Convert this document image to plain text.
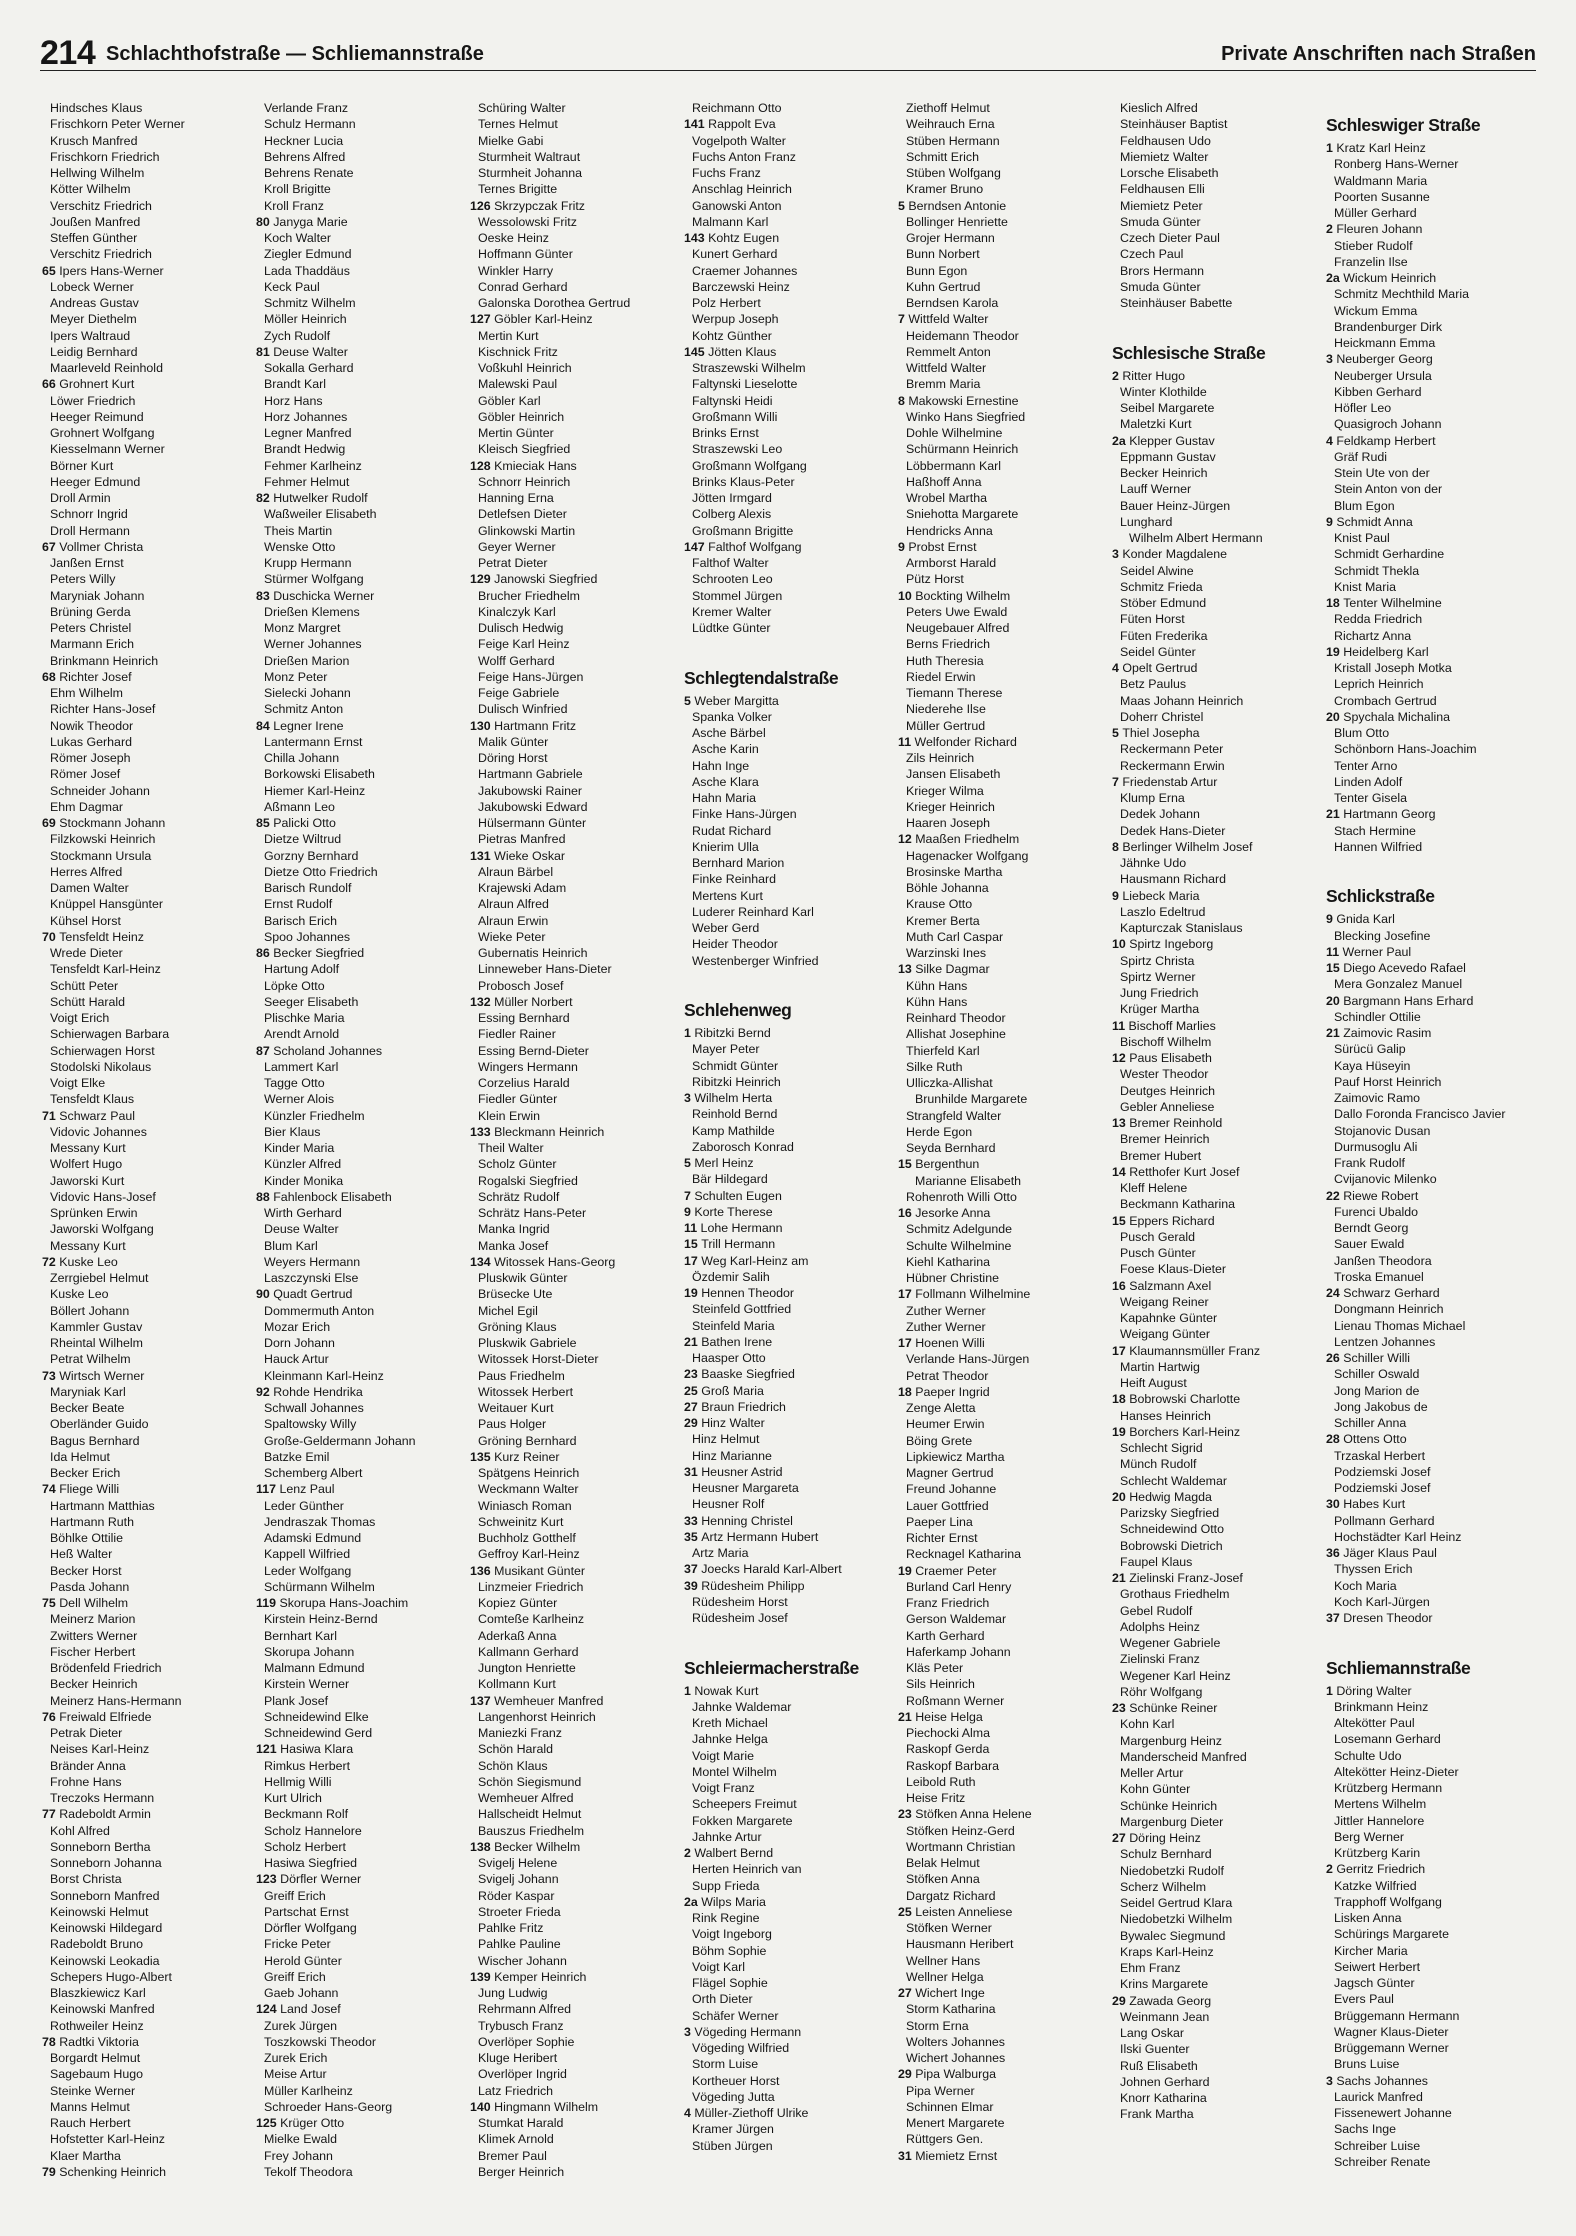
214 Schlachthofstraße — Schliemannstraße	Private Anschriften nach Straßen
Hindsches Klaus
Frischkorn Peter Werner
Krusch Manfred
Frischkorn Friedrich
Hellwing Wilhelm
Kötter Wilhelm
Verschitz Friedrich
Joußen Manfred
Steffen Günther
Verschitz Friedrich
65 Ipers Hans-Werner
Lobeck Werner
Andreas Gustav
Meyer Diethelm
Ipers Waltraud
Leidig Bernhard
Maarleveld Reinhold
66 Grohnert Kurt
Löwer Friedrich
Heeger Reimund
Grohnert Wolfgang
Kiesselmann Werner
Börner Kurt
Heeger Edmund
Droll Armin
Schnorr Ingrid
Droll Hermann
67 Vollmer Christa
Janßen Ernst
Peters Willy
Maryniak Johann
Brüning Gerda
Peters Christel
Marmann Erich
Brinkmann Heinrich
68 Richter Josef
Ehm Wilhelm
Richter Hans-Josef
Nowik Theodor
Lukas Gerhard
Römer Joseph
Römer Josef
Schneider Johann
Ehm Dagmar
69 Stockmann Johann
Filzkowski Heinrich
Stockmann Ursula
Herres Alfred
Damen Walter
Knüppel Hansgünter
Kühsel Horst
70 Tensfeldt Heinz
Wrede Dieter
Tensfeldt Karl-Heinz
Schütt Peter
Schütt Harald
Voigt Erich
Schierwagen Barbara
Schierwagen Horst
Stodolski Nikolaus
Voigt Elke
Tensfeldt Klaus
71 Schwarz Paul
Vidovic Johannes
Messany Kurt
Wolfert Hugo
Jaworski Kurt
Vidovic Hans-Josef
Sprünken Erwin
Jaworski Wolfgang
Messany Kurt
72 Kuske Leo
Zerrgiebel Helmut
Kuske Leo
Böllert Johann
Kammler Gustav
Rheintal Wilhelm
Petrat Wilhelm
73 Wirtsch Werner
Maryniak Karl
Becker Beate
Oberländer Guido
Bagus Bernhard
Ida Helmut
Becker Erich
74 Fliege Willi
Hartmann Matthias
Hartmann Ruth
Böhlke Ottilie
Heß Walter
Becker Horst
Pasda Johann
75 Dell Wilhelm
Meinerz Marion
Zwitters Werner
Fischer Herbert
Brödenfeld Friedrich
Becker Heinrich
Meinerz Hans-Hermann
76 Freiwald Elfriede
Petrak Dieter
Neises Karl-Heinz
Bränder Anna
Frohne Hans
Treczoks Hermann
77 Radeboldt Armin
Kohl Alfred
Sonneborn Bertha
Sonneborn Johanna
Borst Christa
Sonneborn Manfred
Keinowski Helmut
Keinowski Hildegard
Radeboldt Bruno
Keinowski Leokadia
Schepers Hugo-Albert
Blaszkiewicz Karl
Keinowski Manfred
Rothweiler Heinz
78 Radtki Viktoria
Borgardt Helmut
Sagebaum Hugo
Steinke Werner
Manns Helmut
Rauch Herbert
Hofstetter Karl-Heinz
Klaer Martha
79 Schenking Heinrich
Verlande Franz
Schulz Hermann
Heckner Lucia
Behrens Alfred
Behrens Renate
Kroll Brigitte
Kroll Franz
80 Janyga Marie
Koch Walter
Ziegler Edmund
Lada Thaddäus
Keck Paul
Schmitz Wilhelm
Möller Heinrich
Zych Rudolf
81 Deuse Walter
Sokalla Gerhard
Brandt Karl
Horz Hans
Horz Johannes
Legner Manfred
Brandt Hedwig
Fehmer Karlheinz
Fehmer Helmut
82 Hutwelker Rudolf
Waßweiler Elisabeth
Theis Martin
Wenske Otto
Krupp Hermann
Stürmer Wolfgang
83 Duschicka Werner
Drießen Klemens
Monz Margret
Werner Johannes
Drießen Marion
Monz Peter
Sielecki Johann
Schmitz Anton
84 Legner Irene
Lantermann Ernst
Chilla Johann
Borkowski Elisabeth
Hiemer Karl-Heinz
Aßmann Leo
85 Palicki Otto
Dietze Wiltrud
Gorzny Bernhard
Dietze Otto Friedrich
Barisch Rundolf
Ernst Rudolf
Barisch Erich
Spoo Johannes
86 Becker Siegfried
Hartung Adolf
Löpke Otto
Seeger Elisabeth
Plischke Maria
Arendt Arnold
87 Scholand Johannes
Lammert Karl
Tagge Otto
Werner Alois
Künzler Friedhelm
Bier Klaus
Kinder Maria
Künzler Alfred
Kinder Monika
88 Fahlenbock Elisabeth
Wirth Gerhard
Deuse Walter
Blum Karl
Weyers Hermann
Laszczynski Else
90 Quadt Gertrud
Dommermuth Anton
Mozar Erich
Dorn Johann
Hauck Artur
Kleinmann Karl-Heinz
92 Rohde Hendrika
Schwall Johannes
Spaltowsky Willy
Große-Geldermann Johann
Batzke Emil
Schemberg Albert
117 Lenz Paul
Leder Günther
Jendraszak Thomas
Adamski Edmund
Kappell Wilfried
Leder Wolfgang
Schürmann Wilhelm
119 Skorupa Hans-Joachim
Kirstein Heinz-Bernd
Bernhart Karl
Skorupa Johann
Malmann Edmund
Kirstein Werner
Plank Josef
Schneidewind Elke
Schneidewind Gerd
121 Hasiwa Klara
Rimkus Herbert
Hellmig Willi
Kurt Ulrich
Beckmann Rolf
Scholz Hannelore
Scholz Herbert
Hasiwa Siegfried
123 Dörfler Werner
Greiff Erich
Partschat Ernst
Dörfler Wolfgang
Fricke Peter
Herold Günter
Greiff Erich
Gaeb Johann
124 Land Josef
Zurek Jürgen
Toszkowski Theodor
Zurek Erich
Meise Artur
Müller Karlheinz
Schroeder Hans-Georg
125 Krüger Otto
Mielke Ewald
Frey Johann
Tekolf Theodora
Schüring Walter
Ternes Helmut
Mielke Gabi
Sturmheit Waltraut
Sturmheit Johanna
Ternes Brigitte
126 Skrzypczak Fritz
Wessolowski Fritz
Oeske Heinz
Hoffmann Günter
Winkler Harry
Conrad Gerhard
Galonska Dorothea Gertrud
127 Göbler Karl-Heinz
Mertin Kurt
Kischnick Fritz
Voßkuhl Heinrich
Malewski Paul
Göbler Karl
Göbler Heinrich
Mertin Günter
Kleisch Siegfried
128 Kmieciak Hans
Schnorr Heinrich
Hanning Erna
Detlefsen Dieter
Glinkowski Martin
Geyer Werner
Petrat Dieter
129 Janowski Siegfried
Brucher Friedhelm
Kinalczyk Karl
Dulisch Hedwig
Feige Karl Heinz
Wolff Gerhard
Feige Hans-Jürgen
Feige Gabriele
Dulisch Winfried
130 Hartmann Fritz
Malik Günter
Döring Horst
Hartmann Gabriele
Jakubowski Rainer
Jakubowski Edward
Hülsermann Günter
Pietras Manfred
131 Wieke Oskar
Alraun Bärbel
Krajewski Adam
Alraun Alfred
Alraun Erwin
Wieke Peter
Gubernatis Heinrich
Linneweber Hans-Dieter
Probosch Josef
132 Müller Norbert
Essing Bernhard
Fiedler Rainer
Essing Bernd-Dieter
Wingers Hermann
Corzelius Harald
Fiedler Günter
Klein Erwin
133 Bleckmann Heinrich
Theil Walter
Scholz Günter
Rogalski Siegfried
Schrätz Rudolf
Schrätz Hans-Peter
Manka Ingrid
Manka Josef
134 Witossek Hans-Georg
Pluskwik Günter
Brüsecke Ute
Michel Egil
Gröning Klaus
Pluskwik Gabriele
Witossek Horst-Dieter
Paus Friedhelm
Witossek Herbert
Weitauer Kurt
Paus Holger
Gröning Bernhard
135 Kurz Reiner
Spätgens Heinrich
Weckmann Walter
Winiasch Roman
Schweinitz Kurt
Buchholz Gotthelf
Geffroy Karl-Heinz
136 Musikant Günter
Linzmeier Friedrich
Kopiez Günter
Comteße Karlheinz
Aderkaß Anna
Kallmann Gerhard
Jungton Henriette
Kollmann Kurt
137 Wemheuer Manfred
Langenhorst Heinrich
Maniezki Franz
Schön Harald
Schön Klaus
Schön Siegismund
Wemheuer Alfred
Hallscheidt Helmut
Bauszus Friedhelm
138 Becker Wilhelm
Svigelj Helene
Svigelj Johann
Röder Kaspar
Stroeter Frieda
Pahlke Fritz
Pahlke Pauline
Wischer Johann
139 Kemper Heinrich
Jung Ludwig
Rehrmann Alfred
Trybusch Franz
Overlöper Sophie
Kluge Heribert
Overlöper Ingrid
Latz Friedrich
140 Hingmann Wilhelm
Stumkat Harald
Klimek Arnold
Bremer Paul
Berger Heinrich
Reichmann Otto
141 Rappolt Eva
Vogelpoth Walter
Fuchs Anton Franz
Fuchs Franz
Anschlag Heinrich
Ganowski Anton
Malmann Karl
143 Kohtz Eugen
Kunert Gerhard
Craemer Johannes
Barczewski Heinz
Polz Herbert
Werpup Joseph
Kohtz Günther
145 Jötten Klaus
Straszewski Wilhelm
Faltynski Lieselotte
Faltynski Heidi
Großmann Willi
Brinks Ernst
Straszewski Leo
Großmann Wolfgang
Brinks Klaus-Peter
Jötten Irmgard
Colberg Alexis
Großmann Brigitte
147 Falthof Wolfgang
Falthof Walter
Schrooten Leo
Stommel Jürgen
Kremer Walter
Lüdtke Günter
Schlegtendalstraße
5 Weber Margitta
Spanka Volker
Asche Bärbel
Asche Karin
Hahn Inge
Asche Klara
Hahn Maria
Finke Hans-Jürgen
Rudat Richard
Knierim Ulla
Bernhard Marion
Finke Reinhard
Mertens Kurt
Luderer Reinhard Karl
Weber Gerd
Heider Theodor
Westenberger Winfried
Schlehenweg
1 Ribitzki Bernd
Mayer Peter
Schmidt Günter
Ribitzki Heinrich
3 Wilhelm Herta
Reinhold Bernd
Kamp Mathilde
Zaborosch Konrad
5 Merl Heinz
Bär Hildegard
7 Schulten Eugen
9 Korte Therese
11 Lohe Hermann
15 Trill Hermann
17 Weg Karl-Heinz am
Özdemir Salih
19 Hennen Theodor
Steinfeld Gottfried
Steinfeld Maria
21 Bathen Irene
Haasper Otto
23 Baaske Siegfried
25 Groß Maria
27 Braun Friedrich
29 Hinz Walter
Hinz Helmut
Hinz Marianne
31 Heusner Astrid
Heusner Margareta
Heusner Rolf
33 Henning Christel
35 Artz Hermann Hubert
Artz Maria
37 Joecks Harald Karl-Albert
39 Rüdesheim Philipp
Rüdesheim Horst
Rüdesheim Josef
Schleiermacherstraße
1 Nowak Kurt
Jahnke Waldemar
Kreth Michael
Jahnke Helga
Voigt Marie
Montel Wilhelm
Voigt Franz
Scheepers Freimut
Fokken Margarete
Jahnke Artur
2 Walbert Bernd
Herten Heinrich van
Supp Frieda
2a Wilps Maria
Rink Regine
Voigt Ingeborg
Böhm Sophie
Voigt Karl
Flägel Sophie
Orth Dieter
Schäfer Werner
3 Vögeding Hermann
Vögeding Wilfried
Storm Luise
Kortheuer Horst
Vögeding Jutta
4 Müller-Ziethoff Ulrike
Kramer Jürgen
Stüben Jürgen
Ziethoff Helmut
Weihrauch Erna
Stüben Hermann
Schmitt Erich
Stüben Wolfgang
Kramer Bruno
5 Berndsen Antonie
Bollinger Henriette
Grojer Hermann
Bunn Norbert
Bunn Egon
Kuhn Gertrud
Berndsen Karola
7 Wittfeld Walter
Heidemann Theodor
Remmelt Anton
Wittfeld Walter
Bremm Maria
8 Makowski Ernestine
Winko Hans Siegfried
Dohle Wilhelmine
Schürmann Heinrich
Löbbermann Karl
Haßhoff Anna
Wrobel Martha
Sniehotta Margarete
Hendricks Anna
9 Probst Ernst
Armborst Harald
Pütz Horst
10 Bockting Wilhelm
Peters Uwe Ewald
Neugebauer Alfred
Berns Friedrich
Huth Theresia
Riedel Erwin
Tiemann Therese
Niederehe Ilse
Müller Gertrud
11 Welfonder Richard
Zils Heinrich
Jansen Elisabeth
Krieger Wilma
Krieger Heinrich
Haaren Joseph
12 Maaßen Friedhelm
Hagenacker Wolfgang
Brosinske Martha
Böhle Johanna
Krause Otto
Kremer Berta
Muth Carl Caspar
Warzinski Ines
13 Silke Dagmar
Kühn Hans
Kühn Hans
Reinhard Theodor
Allishat Josephine
Thierfeld Karl
Silke Ruth
Ulliczka-Allishat
Brunhilde Margarete
Strangfeld Walter
Herde Egon
Seyda Bernhard
15 Bergenthun
Marianne Elisabeth
Rohenroth Willi Otto
16 Jesorke Anna
Schmitz Adelgunde
Schulte Wilhelmine
Kiehl Katharina
Hübner Christine
17 Follmann Wilhelmine
Zuther Werner
Zuther Werner
17 Hoenen Willi
Verlande Hans-Jürgen
Petrat Theodor
18 Paeper Ingrid
Zenge Aletta
Heumer Erwin
Böing Grete
Lipkiewicz Martha
Magner Gertrud
Freund Johanne
Lauer Gottfried
Paeper Lina
Richter Ernst
Recknagel Katharina
19 Craemer Peter
Burland Carl Henry
Franz Friedrich
Gerson Waldemar
Karth Gerhard
Haferkamp Johann
Kläs Peter
Sils Heinrich
Roßmann Werner
21 Heise Helga
Piechocki Alma
Raskopf Gerda
Raskopf Barbara
Leibold Ruth
Heise Fritz
23 Stöfken Anna Helene
Stöfken Heinz-Gerd
Wortmann Christian
Belak Helmut
Stöfken Anna
Dargatz Richard
25 Leisten Anneliese
Stöfken Werner
Hausmann Heribert
Wellner Hans
Wellner Helga
27 Wichert Inge
Storm Katharina
Storm Erna
Wolters Johannes
Wichert Johannes
29 Pipa Walburga
Pipa Werner
Schinnen Elmar
Menert Margarete
Rüttgers Gen.
31 Miemietz Ernst
Kieslich Alfred
Steinhäuser Baptist
Feldhausen Udo
Miemietz Walter
Lorsche Elisabeth
Feldhausen Elli
Miemietz Peter
Smuda Günter
Czech Dieter Paul
Czech Paul
Brors Hermann
Smuda Günter
Steinhäuser Babette
Schlesische Straße
2 Ritter Hugo
Winter Klothilde
Seibel Margarete
Maletzki Kurt
2a Klepper Gustav
Eppmann Gustav
Becker Heinrich
Lauff Werner
Bauer Heinz-Jürgen
Lunghard
Wilhelm Albert Hermann
3 Konder Magdalene
Seidel Alwine
Schmitz Frieda
Stöber Edmund
Füten Horst
Füten Frederika
Seidel Günter
4 Opelt Gertrud
Betz Paulus
Maas Johann Heinrich
Doherr Christel
5 Thiel Josepha
Reckermann Peter
Reckermann Erwin
7 Friedenstab Artur
Klump Erna
Dedek Johann
Dedek Hans-Dieter
8 Berlinger Wilhelm Josef
Jähnke Udo
Hausmann Richard
9 Liebeck Maria
Laszlo Edeltrud
Kapturczak Stanislaus
10 Spirtz Ingeborg
Spirtz Christa
Spirtz Werner
Jung Friedrich
Krüger Martha
11 Bischoff Marlies
Bischoff Wilhelm
12 Paus Elisabeth
Wester Theodor
Deutges Heinrich
Gebler Anneliese
13 Bremer Reinhold
Bremer Heinrich
Bremer Hubert
14 Retthofer Kurt Josef
Kleff Helene
Beckmann Katharina
15 Eppers Richard
Pusch Gerald
Pusch Günter
Foese Klaus-Dieter
16 Salzmann Axel
Weigang Reiner
Kapahnke Günter
Weigang Günter
17 Klaumannsmüller Franz
Martin Hartwig
Heift August
18 Bobrowski Charlotte
Hanses Heinrich
19 Borchers Karl-Heinz
Schlecht Sigrid
Münch Rudolf
Schlecht Waldemar
20 Hedwig Magda
Parizsky Siegfried
Schneidewind Otto
Bobrowski Dietrich
Faupel Klaus
21 Zielinski Franz-Josef
Grothaus Friedhelm
Gebel Rudolf
Adolphs Heinz
Wegener Gabriele
Zielinski Franz
Wegener Karl Heinz
Röhr Wolfgang
23 Schünke Reiner
Kohn Karl
Margenburg Heinz
Manderscheid Manfred
Meller Artur
Kohn Günter
Schünke Heinrich
Margenburg Dieter
27 Döring Heinz
Schulz Bernhard
Niedobetzki Rudolf
Scherz Wilhelm
Seidel Gertrud Klara
Niedobetzki Wilhelm
Bywalec Siegmund
Kraps Karl-Heinz
Ehm Franz
Krins Margarete
29 Zawada Georg
Weinmann Jean
Lang Oskar
Ilski Guenter
Ruß Elisabeth
Johnen Gerhard
Knorr Katharina
Frank Martha
Schleswiger Straße
1 Kratz Karl Heinz
Ronberg Hans-Werner
Waldmann Maria
Poorten Susanne
Müller Gerhard
2 Fleuren Johann
Stieber Rudolf
Franzelin Ilse
2a Wickum Heinrich
Schmitz Mechthild Maria
Wickum Emma
Brandenburger Dirk
Heickmann Emma
3 Neuberger Georg
Neuberger Ursula
Kibben Gerhard
Höfler Leo
Quasigroch Johann
4 Feldkamp Herbert
Gräf Rudi
Stein Ute von der
Stein Anton von der
Blum Egon
9 Schmidt Anna
Knist Paul
Schmidt Gerhardine
Schmidt Thekla
Knist Maria
18 Tenter Wilhelmine
Redda Friedrich
Richartz Anna
19 Heidelberg Karl
Kristall Joseph Motka
Leprich Heinrich
Crombach Gertrud
20 Spychala Michalina
Blum Otto
Schönborn Hans-Joachim
Tenter Arno
Linden Adolf
Tenter Gisela
21 Hartmann Georg
Stach Hermine
Hannen Wilfried
Schlickstraße
9 Gnida Karl
Blecking Josefine
11 Werner Paul
15 Diego Acevedo Rafael
Mera Gonzalez Manuel
20 Bargmann Hans Erhard
Schindler Ottilie
21 Zaimovic Rasim
Sürücü Galip
Kaya Hüseyin
Pauf Horst Heinrich
Zaimovic Ramo
Dallo Foronda Francisco Javier
Stojanovic Dusan
Durmusoglu Ali
Frank Rudolf
Cvijanovic Milenko
22 Riewe Robert
Furenci Ubaldo
Berndt Georg
Sauer Ewald
Janßen Theodora
Troska Emanuel
24 Schwarz Gerhard
Dongmann Heinrich
Lienau Thomas Michael
Lentzen Johannes
26 Schiller Willi
Schiller Oswald
Jong Marion de
Jong Jakobus de
Schiller Anna
28 Ottens Otto
Trzaskal Herbert
Podziemski Josef
Podziemski Josef
30 Habes Kurt
Pollmann Gerhard
Hochstädter Karl Heinz
36 Jäger Klaus Paul
Thyssen Erich
Koch Maria
Koch Karl-Jürgen
37 Dresen Theodor
Schliemannstraße
1 Döring Walter
Brinkmann Heinz
Altekötter Paul
Losemann Gerhard
Schulte Udo
Altekötter Heinz-Dieter
Krützberg Hermann
Mertens Wilhelm
Jittler Hannelore
Berg Werner
Krützberg Karin
2 Gerritz Friedrich
Katzke Wilfried
Trapphoff Wolfgang
Lisken Anna
Schürings Margarete
Kircher Maria
Seiwert Herbert
Jagsch Günter
Evers Paul
Brüggemann Hermann
Wagner Klaus-Dieter
Brüggemann Werner
Bruns Luise
3 Sachs Johannes
Laurick Manfred
Fissenewert Johanne
Sachs Inge
Schreiber Luise
Schreiber Renate
